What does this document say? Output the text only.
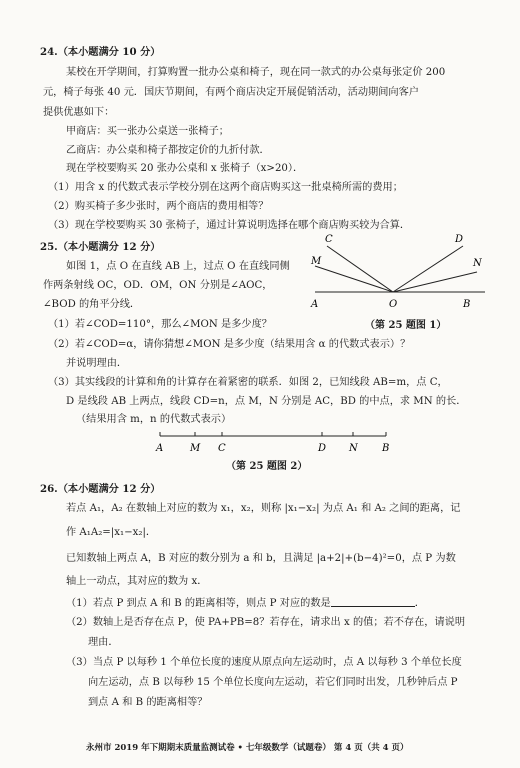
24.（本小题满分 10 分）
某校在开学期间，打算购置一批办公桌和椅子，现在同一款式的办公桌每张定价 200
元，椅子每张 40 元．国庆节期间，有两个商店决定开展促销活动，活动期间向客户
提供优惠如下：
甲商店：买一张办公桌送一张椅子；
乙商店：办公桌和椅子都按定价的九折付款．
现在学校要购买 20 张办公桌和 x 张椅子（x>20）．
（1）用含 x 的代数式表示学校分别在这两个商店购买这一批桌椅所需的费用；
（2）购买椅子多少张时，两个商店的费用相等？
（3）现在学校要购买 30 张椅子，通过计算说明选择在哪个商店购买较为合算．
25.（本小题满分 12 分）
如图 1，点 O 在直线 AB 上，过点 O 在直线同侧
作两条射线 OC，OD．OM，ON 分别是∠AOC，
∠BOD 的角平分线．
（1）若∠COD=110°，那么∠MON 是多少度？
（2）若∠COD=α，请你猜想∠MON 是多少度（结果用含 α 的代数式表示）？
并说明理由．
（3）其实线段的计算和角的计算存在着紧密的联系．如图 2，已知线段 AB=m，点 C，
D 是线段 AB 上两点，线段 CD=n，点 M，N 分别是 AC，BD 的中点，求 MN 的长．
（结果用含 m，n 的代数式表示）
C	D
M	N
A	O	B
（第 25 题图 1）
A	M C	D N B
（第 25 题图 2）
26.（本小题满分 12 分）
若点 A₁，A₂ 在数轴上对应的数为 x₁，x₂，则称 |x₁−x₂| 为点 A₁ 和 A₂ 之间的距离，记
作 A₁A₂=|x₁−x₂|．
已知数轴上两点 A，B 对应的数分别为 a 和 b，且满足 |a+2|+(b−4)²=0，点 P 为数
轴上一动点，其对应的数为 x．
（1）若点 P 到点 A 和 B 的距离相等，则点 P 对应的数是	．
（2）数轴上是否存在点 P，使 PA+PB=8？若存在，请求出 x 的值；若不存在，请说明
理由．
（3）当点 P 以每秒 1 个单位长度的速度从原点向左运动时，点 A 以每秒 3 个单位长度
向左运动，点 B 以每秒 15 个单位长度向左运动，若它们同时出发，几秒钟后点 P
到点 A 和 B 的距离相等？
永州市 2019 年下期期末质量监测试卷 • 七年级数学（试题卷） 第 4 页（共 4 页）
